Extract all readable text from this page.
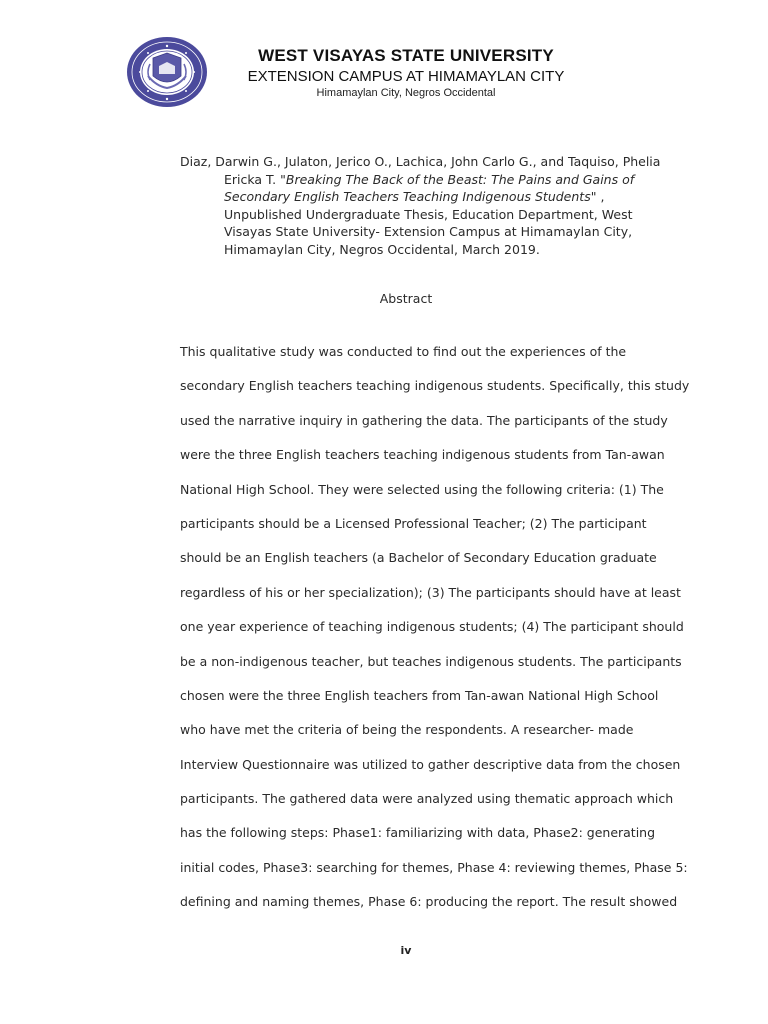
WEST VISAYAS STATE UNIVERSITY
EXTENSION CAMPUS AT HIMAMAYLAN CITY
Himamaylan City, Negros Occidental
Diaz, Darwin G., Julaton, Jerico O., Lachica, John Carlo G., and Taquiso, Phelia
Ericka T. "Breaking The Back of the Beast: The Pains and Gains of Secondary English Teachers Teaching Indigenous Students" , Unpublished Undergraduate Thesis, Education Department, West Visayas State University- Extension Campus at Himamaylan City, Himamaylan City, Negros Occidental, March 2019.
Abstract
This qualitative study was conducted to find out the experiences of the
secondary English teachers teaching indigenous students. Specifically, this study
used the narrative inquiry in gathering the data. The participants of the study
were the three English teachers teaching indigenous students from Tan-awan
National High School. They were selected using the following criteria: (1) The
participants should be a Licensed Professional Teacher; (2) The participant
should be an English teachers (a Bachelor of Secondary Education graduate
regardless of his or her specialization); (3) The participants should have at least
one year experience of teaching indigenous students; (4) The participant should
be a non-indigenous teacher, but teaches indigenous students. The participants
chosen were the three English teachers from Tan-awan National High School
who have met the criteria of being the respondents. A researcher- made
Interview Questionnaire was utilized to gather descriptive data from the chosen
participants. The gathered data were analyzed using thematic approach which
has the following steps: Phase1: familiarizing with data, Phase2: generating
initial codes, Phase3: searching for themes, Phase 4: reviewing themes, Phase 5:
defining and naming themes, Phase 6: producing the report. The result showed
iv
